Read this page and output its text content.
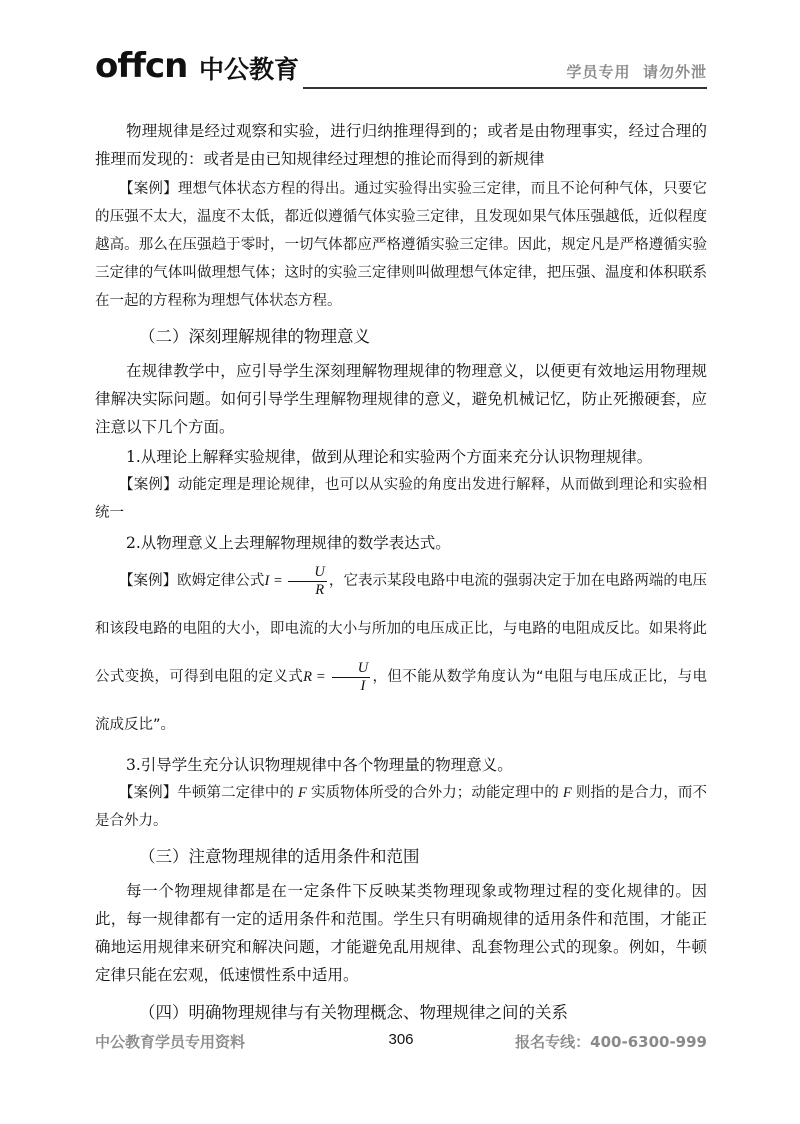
offcn 中公教育	学员专用  请勿外泄

物理规律是经过观察和实验，进行归纳推理得到的；或者是由物理事实，经过合理的推理而发现的：或者是由已知规律经过理想的推论而得到的新规律

【案例】理想气体状态方程的得出。通过实验得出实验三定律，而且不论何种气体，只要它的压强不太大，温度不太低，都近似遵循气体实验三定律，且发现如果气体压强越低，近似程度越高。那么在压强趋于零时，一切气体都应严格遵循实验三定律。因此，规定凡是严格遵循实验三定律的气体叫做理想气体；这时的实验三定律则叫做理想气体定律，把压强、温度和体积联系在一起的方程称为理想气体状态方程。

（二）深刻理解规律的物理意义

在规律教学中，应引导学生深刻理解物理规律的物理意义，以便更有效地运用物理规律解决实际问题。如何引导学生理解物理规律的意义，避免机械记忆，防止死搬硬套，应注意以下几个方面。

1.从理论上解释实验规律，做到从理论和实验两个方面来充分认识物理规律。

【案例】动能定理是理论规律，也可以从实验的角度出发进行解释，从而做到理论和实验相统一

2.从物理意义上去理解物理规律的数学表达式。

【案例】欧姆定律公式$I = \frac{U}{R}$ ，它表示某段电路中电流的强弱决定于加在电路两端的电压和该段电路的电阻的大小，即电流的大小与所加的电压成正比，与电路的电阻成反比。如果将此公式变换，可得到电阻的定义式$R = \frac{U}{I}$ ，但不能从数学角度认为“电阻与电压成正比，与电流成反比”。

3.引导学生充分认识物理规律中各个物理量的物理意义。

【案例】牛顿第二定律中的 F 实质物体所受的合外力；动能定理中的 F 则指的是合力，而不是合外力。

（三）注意物理规律的适用条件和范围

每一个物理规律都是在一定条件下反映某类物理现象或物理过程的变化规律的。因此，每一规律都有一定的适用条件和范围。学生只有明确规律的适用条件和范围，才能正确地运用规律来研究和解决问题，才能避免乱用规律、乱套物理公式的现象。例如，牛顿定律只能在宏观，低速惯性系中适用。

（四）明确物理规律与有关物理概念、物理规律之间的关系
中公教育学员专用资料	306	报名专线：400-6300-999
